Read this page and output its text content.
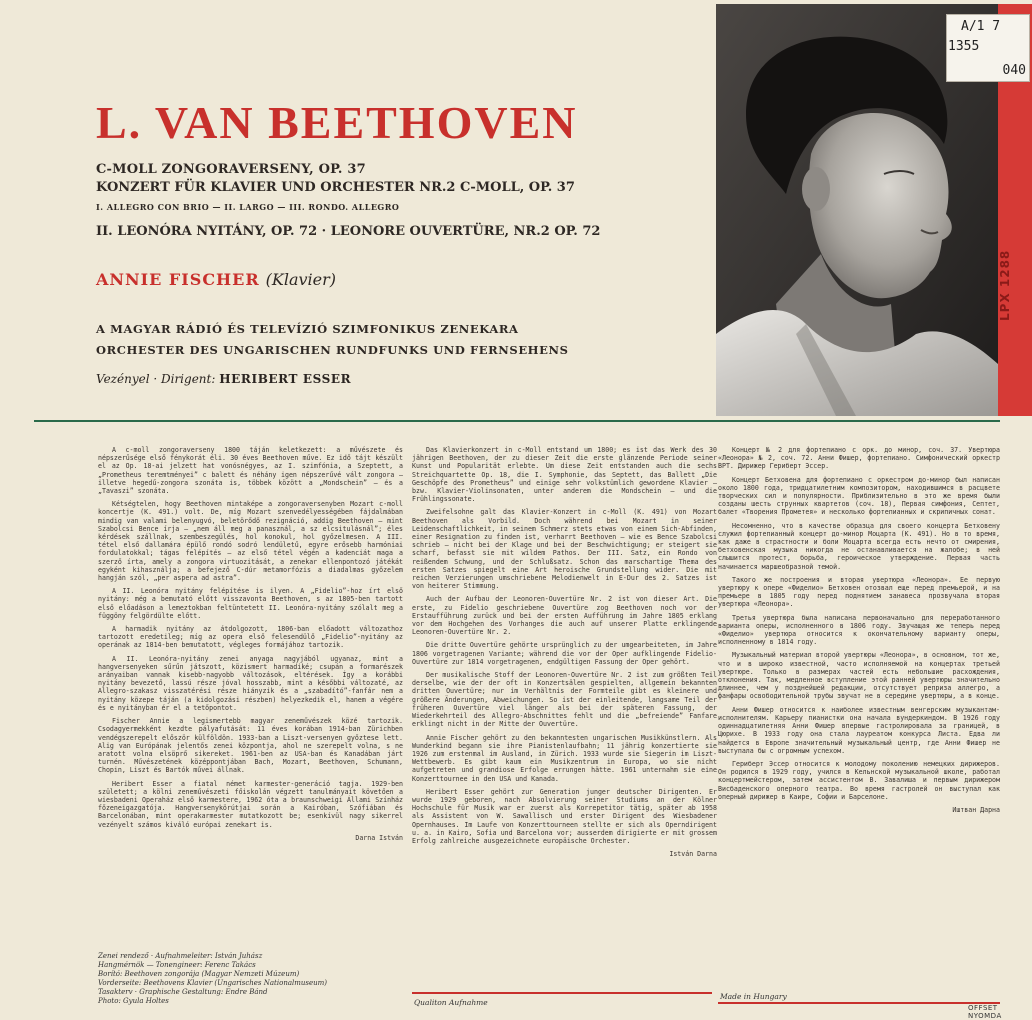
L. VAN BEETHOVEN
C-MOLL ZONGORAVERSENY, OP. 37
KONZERT FÜR KLAVIER UND ORCHESTER NR.2 C-MOLL, OP. 37
I. ALLEGRO CON BRIO — II. LARGO — III. RONDO. ALLEGRO
II. LEONÓRA NYITÁNY, OP. 72 · LEONORE OUVERTÜRE, NR.2 OP. 72
ANNIE FISCHER (Klavier)
A MAGYAR RÁDIÓ ÉS TELEVÍZIÓ SZIMFONIKUS ZENEKARA
ORCHESTER DES UNGARISCHEN RUNDFUNKS UND FERNSEHENS
Vezényel · Dirigent: HERIBERT ESSER
LPX 1288
A/1 7
1355
040

A c-moll zongoraverseny 1800 táján keletkezett: a művészete és népszerűsége első fénykorát éli. 30 éves Beethoven műve. Ez idő tájt készült el az Op. 18-ai jelzett hat vonósnégyes, az I. szimfónia, a Szeptett, a „Prometheus teremtményei” c balett és néhány igen népszerűvé vált zongora — illetve hegedű-zongora szonáta is, többek között a „Mondschein” — és a „Tavaszi” szonáta.

Kétségtelen, hogy Beethoven mintaképe a zongoraversenyben Mozart c-moll koncertje (K. 491.) volt. De, míg Mozart szenvedélyességében fájdalmában mindig van valami belenyugvó, beletörődő rezignáció, addig Beethoven — mint Szabolcsi Bence írja — „nem áll meg a panasznál, a sz elcsitulásnál”; éles kérdések szállnak, szembeszegülés, hol konokul, hol győzelmesen. A III. tétel első dallamára épülő rondó sodró lendületű, egyre erősebb harmóniai fordulatokkal; tágas felépítés — az első tétel végén a kadenciát maga a szerző írta, amely a zongora virtuozitását, a zenekar ellenpontozó játékát egyként kihasználja; a befejező C-dúr metamorfózis a diadalmas győzelem hangján szól, „per aspera ad astra”.

A II. Leonóra nyitány felépítése is ilyen. A „Fidelio”-hoz írt első nyitány: még a bemutató előtt visszavonta Beethoven, s az 1805-ben tartott első előadáson a lemeztokban feltüntetett II. Leonóra-nyitány szólalt meg a függöny felgördülte előtt.

A harmadik nyitány az átdolgozott, 1806-ban előadott változathoz tartozott eredetileg; míg az opera első felesendülő „Fidelio”-nyitány az operának az 1814-ben bemutatott, végleges formájához tartozik.

A II. Leonóra-nyitány zenei anyaga nagyjából ugyanaz, mint a hangversenyeken sűrűn játszott, közismert harmadiké; csupán a formarészek arányaiban vannak kisebb-nagyobb változások, eltérések. Így a korábbi nyitány bevezető, lassú része jóval hosszabb, mint a későbbi változaté, az Allegro-szakasz visszatérési része hiányzik és a „szabadító”-fanfár nem a nyitány közepe táján (a kidolgozási részben) helyezkedik el, hanem a végére és e nyitányban ér el a tetőpontot.

Fischer Annie a legismertebb magyar zeneművészek közé tartozik. Csodagyermekként kezdte pályafutását: 11 éves korában 1914-ban Zürichben vendégszerepelt először külföldön. 1933-ban a Liszt-versenyen győztese lett. Alig van Európának jelentős zenei központja, ahol ne szerepelt volna, s ne aratott volna elsöprő sikereket. 1961-ben az USA-ban és Kanadában járt turnén. Művészetének középpontjában Bach, Mozart, Beethoven, Schumann, Chopin, Liszt és Bartók művei állnak.

Heribert Esser a fiatal német karmester-generáció tagja. 1929-ben született; a kölni zeneművészeti főiskolán végzett tanulmányait követően a wiesbadeni Operaház első karmestere, 1962 óta a braunschweigi Állami Színház főzeneigazgatója. Hangversenykörútjai során a Kairóban, Szófiában és Barcelonában, mint operakarmester mutatkozott be; esenkívül nagy sikerrel vezényelt számos kiváló európai zenekart is.

Darna István

Das Klavierkonzert in c-Moll entstand um 1800; es ist das Werk des 30 jährigen Beethoven, der zu dieser Zeit die erste glänzende Periode seiner Kunst und Popularität erlebte. Um diese Zeit entstanden auch die sechs Streichquartette Op. 18, die I. Symphonie, das Septett, das Ballett „Die Geschöpfe des Prometheus” und einige sehr volkstümlich gewordene Klavier — bzw. Klavier-Violinsonaten, unter anderem die Mondschein — und die Frühlingssonate.

Zweifelsohne galt das Klavier-Konzert in c-Moll (K. 491) von Mozart Beethoven als Vorbild. Doch während bei Mozart in seiner Leidenschaftlichkeit, in seinem Schmerz stets etwas von einem Sich-Abfinden, einer Resignation zu finden ist, verharrt Beethoven — wie es Bence Szabolcsi schrieb — nicht bei der Klage und bei der Beschwichtigung; er steigert sie scharf, befasst sie mit wildem Pathos. Der III. Satz, ein Rondo von reißendem Schwung, und der Schlußsatz. Schon das marschartige Thema des ersten Satzes spiegelt eine Art heroische Grundstellung wider. Die mit reichen Verzierungen umschriebene Melodienwelt in E-Dur des 2. Satzes ist von heiterer Stimmung.

Auch der Aufbau der Leonoren-Ouvertüre Nr. 2 ist von dieser Art. Die erste, zu Fidelio geschriebene Ouvertüre zog Beethoven noch vor der Erstaufführung zurück und bei der ersten Aufführung im Jahre 1805 erklang vor dem Hochgehen des Vorhanges die auch auf unserer Platte erklingende Leonoren-Ouvertüre Nr. 2.

Die dritte Ouvertüre gehörte ursprünglich zu der umgearbeiteten, im Jahre 1806 vorgetragenen Variante; während die vor der Oper aufklingende Fidelio-Ouvertüre zur 1814 vorgetragenen, endgültigen Fassung der Oper gehört.

Der musikalische Stoff der Leonoren-Ouvertüre Nr. 2 ist zum größten Teil derselbe, wie der der oft in Konzertsälen gespielten, allgemein bekannten dritten Ouvertüre; nur im Verhältnis der Formteile gibt es kleinere und größere Änderungen, Abweichungen. So ist der einleitende, langsame Teil der früheren Ouvertüre viel länger als bei der späteren Fassung, der Wiederkehrteil des Allegro-Abschnittes fehlt und die „befreiende” Fanfare erklingt nicht in der Mitte der Ouvertüre.

Annie Fischer gehört zu den bekanntesten ungarischen Musikkünstlern. Als Wunderkind begann sie ihre Pianistenlaufbahn; 11 jährig konzertierte sie 1926 zum erstenmal im Ausland, in Zürich. 1933 wurde sie Siegerin im Liszt-Wettbewerb. Es gibt kaum ein Musikzentrum in Europa, wo sie nicht aufgetreten und grandiose Erfolge errungen hätte. 1961 unternahm sie eine Konzerttournee in den USA und Kanada.

Heribert Esser gehört zur Generation junger deutscher Dirigenten. Er wurde 1929 geboren, nach Absolvierung seiner Studiums an der Kölner Hochschule für Musik war er zuerst als Korrepetitor tätig, später ab 1958 als Assistent von W. Sawallisch und erster Dirigent des Wiesbadener Opernhauses. Im Laufe von Konzerttourneen stellte er sich als Operndirigent u. a. in Kairo, Sofia und Barcelona vor; ausserdem dirigierte er mit grossem Erfolg zahlreiche ausgezeichnete europäische Orchester.

István Darna

Концерт № 2 для фортепиано с орк. до минор, соч. 37. Увертюра «Леонора» № 2, соч. 72. Анни Фишер, фортепиано. Симфонический оркестр ВРТ. Дирижер Гериберт Эссер.

Концерт Бетховена для фортепиано с оркестром до-минор был написан около 1800 года, тридцатилетним композитором, находившимся в расцвете творческих сил и популярности. Приблизительно в это же время были созданы шесть струнных квартетов (соч. 18), Первая симфония, Септет, балет «Творения Прометея» и несколько фортепианных и скрипичных сонат.

Несомненно, что в качестве образца для своего концерта Бетховену служил фортепианный концерт до-минор Моцарта (К. 491). Но в то время, как даже в страстности и боли Моцарта всегда есть нечто от смирения, бетховенская музыка никогда не останавливается на жалобе; в ней слышится протест, борьба, героическое утверждение. Первая часть начинается маршеобразной темой.

Такого же построения и вторая увертюра «Леонора». Ее первую увертюру к опере «Фиделио» Бетховен отозвал еще перед премьерой, и на премьере в 1805 году перед поднятием занавеса прозвучала вторая увертюра «Леонора».

Третья увертюра была написана первоначально для переработанного варианта оперы, исполненного в 1806 году. Звучащая же теперь перед «Фиделио» увертюра относится к окончательному варианту оперы, исполненному в 1814 году.

Музыкальный материал второй увертюры «Леонора», в основном, тот же, что и в широко известной, часто исполняемой на концертах третьей увертюре. Только в размерах частей есть небольшие расхождения, отклонения. Так, медленное вступление этой ранней увертюры значительно длиннее, чем у позднейшей редакции, отсутствует реприза аллегро, а фанфары освободительной трубы звучат не в середине увертюры, а в конце.

Анни Фишер относится к наиболее известным венгерским музыкантам-исполнителям. Карьеру пианистки она начала вундеркиндом. В 1926 году одиннадцатилетняя Анни Фишер впервые гастролировала за границей, в Цюрихе. В 1933 году она стала лауреатом конкурса Листа. Едва ли найдется в Европе значительный музыкальный центр, где Анни Фишер не выступала бы с огромным успехом.

Гериберт Эссер относится к молодому поколению немецких дирижеров. Он родился в 1929 году, учился в Кельнской музыкальной школе, работал концертмейстером, затем ассистентом В. Завалиша и первым дирижером Висбаденского оперного театра. Во время гастролей он выступал как оперный дирижер в Каире, Софии и Барселоне.

Иштван Дарна

Zenei rendező · Aufnahmeleiter: István Juhász
Hangmérnök — Tonengineer: Ferenc Takács
Borító: Beethoven zongorája (Magyar Nemzeti Múzeum)
Vorderseite: Beethovens Klavier (Ungarisches Nationalmuseum)
Tasakterv · Graphische Gestaltung: Endre Bánd
Photo: Gyula Holtes	Qualiton Aufnahme
Made in Hungary
OFFSET NYOMDA
